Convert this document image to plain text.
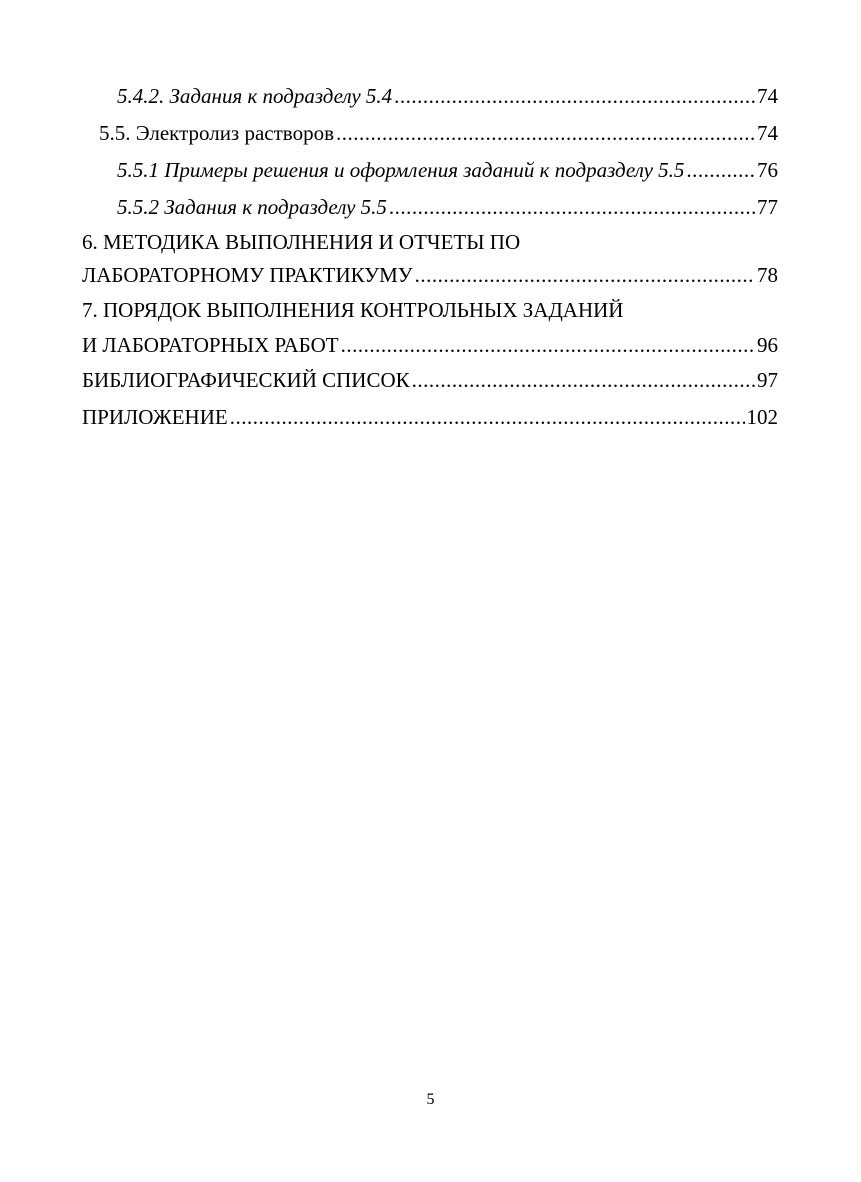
5.4.2. Задания к подразделу 5.4 .....	74
5.5. Электролиз растворов .....	74
5.5.1 Примеры решения и оформления заданий к подразделу 5.5 .....	76
5.5.2 Задания к подразделу 5.5 .....	77
6. МЕТОДИКА ВЫПОЛНЕНИЯ И ОТЧЕТЫ ПО
ЛАБОРАТОРНОМУ ПРАКТИКУМУ .....	78
7. ПОРЯДОК ВЫПОЛНЕНИЯ КОНТРОЛЬНЫХ ЗАДАНИЙ
И ЛАБОРАТОРНЫХ РАБОТ .....	96
БИБЛИОГРАФИЧЕСКИЙ СПИСОК .....	97
ПРИЛОЖЕНИЕ .....	102
5
